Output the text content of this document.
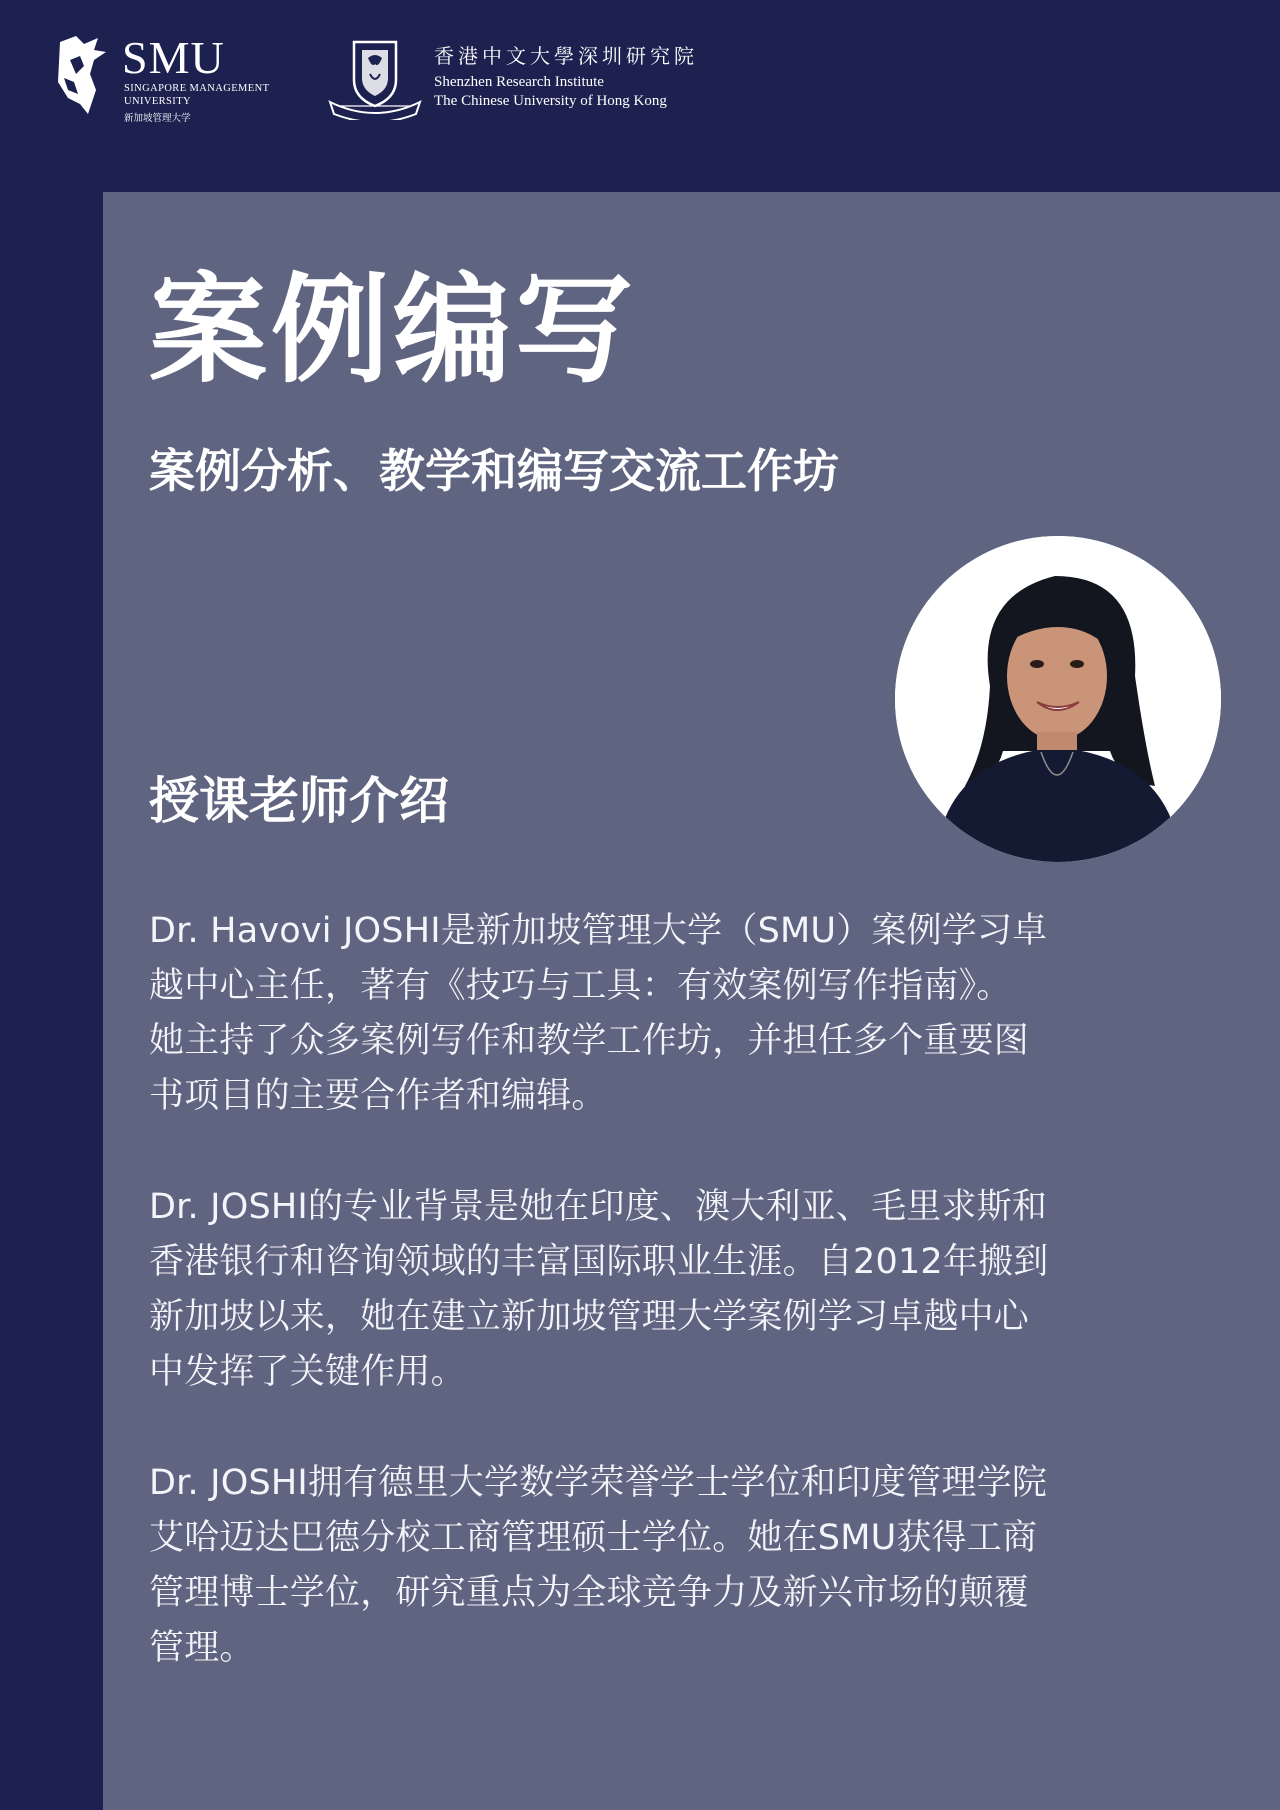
SMU
SINGAPORE MANAGEMENT
UNIVERSITY
新加坡管理大学
香港中文大學深圳研究院
Shenzhen Research Institute
The Chinese University of Hong Kong
案例编写
案例分析、教学和编写交流工作坊
授课老师介绍

Dr. Havovi JOSHI是新加坡管理大学（SMU）案例学习卓
越中心主任，著有《技巧与工具：有效案例写作指南》。
她主持了众多案例写作和教学工作坊，并担任多个重要图
书项目的主要合作者和编辑。

Dr. JOSHI的专业背景是她在印度、澳大利亚、毛里求斯和
香港银行和咨询领域的丰富国际职业生涯。自2012年搬到
新加坡以来，她在建立新加坡管理大学案例学习卓越中心
中发挥了关键作用。

Dr. JOSHI拥有德里大学数学荣誉学士学位和印度管理学院
艾哈迈达巴德分校工商管理硕士学位。她在SMU获得工商
管理博士学位，研究重点为全球竞争力及新兴市场的颠覆
管理。
